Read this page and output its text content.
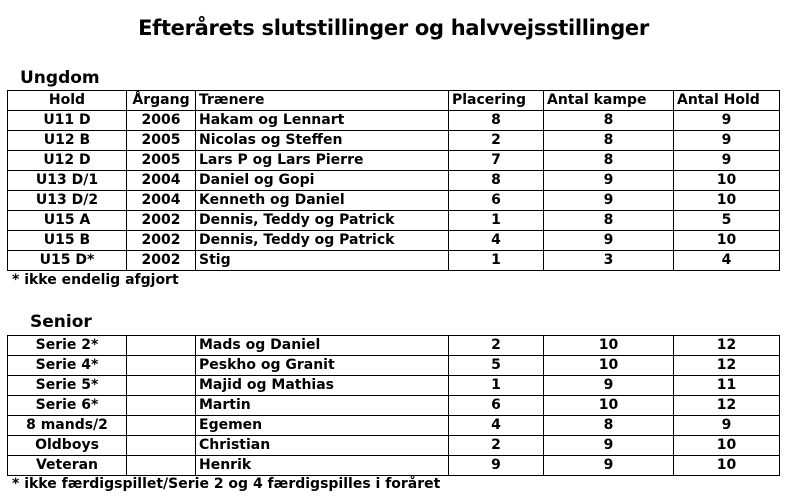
Efterårets slutstillinger og halvvejsstillinger
Ungdom
Hold	Årgang	Trænere	Placering	Antal kampe	Antal Hold
U11 D	2006	Hakam og Lennart	8	8	9
U12 B	2005	Nicolas og Steffen	2	8	9
U12 D	2005	Lars P og Lars Pierre	7	8	9
U13 D/1	2004	Daniel og Gopi	8	9	10
U13 D/2	2004	Kenneth og Daniel	6	9	10
U15 A	2002	Dennis, Teddy og Patrick	1	8	5
U15 B	2002	Dennis, Teddy og Patrick	4	9	10
U15 D*	2002	Stig	1	3	4
* ikke endelig afgjort
Senior
Serie 2*		Mads og Daniel	2	10	12
Serie 4*		Peskho og Granit	5	10	12
Serie 5*		Majid og Mathias	1	9	11
Serie 6*		Martin	6	10	12
8 mands/2		Egemen	4	8	9
Oldboys		Christian	2	9	10
Veteran		Henrik	9	9	10
* ikke færdigspillet/Serie 2 og 4 færdigspilles i foråret
